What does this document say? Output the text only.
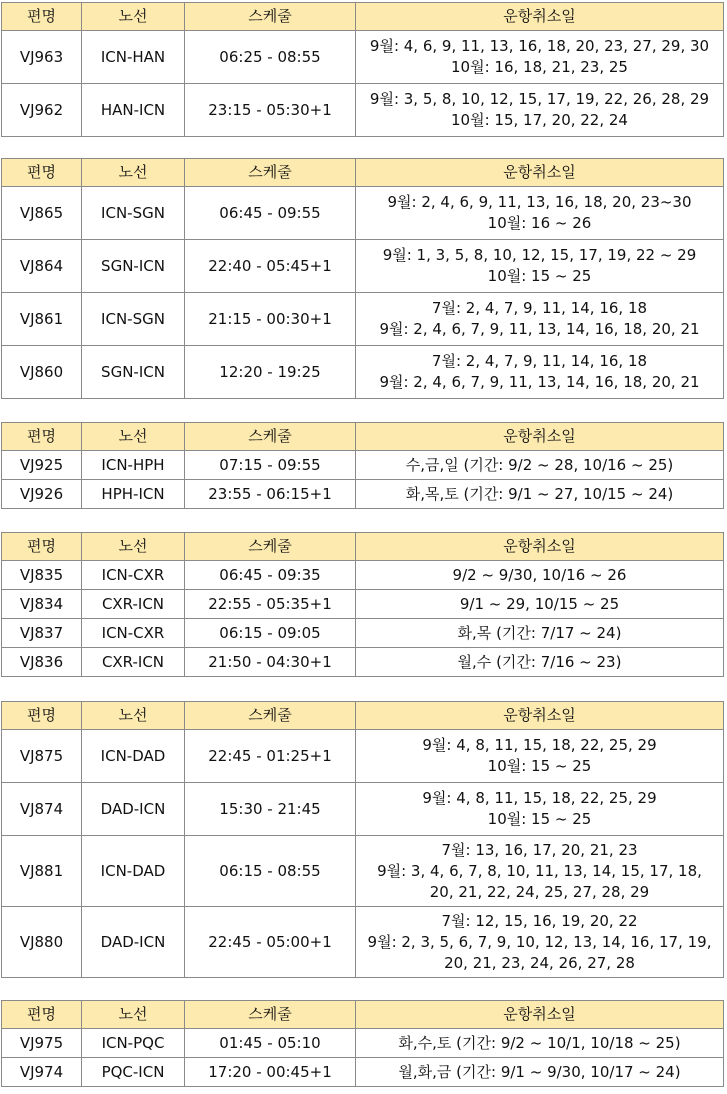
편명	노선	스케줄	운항취소일
VJ963	ICN-HAN	06:25 - 08:55	9월: 4, 6, 9, 11, 13, 16, 18, 20, 23, 27, 29, 30
10월: 16, 18, 21, 23, 25

VJ962	HAN-ICN	23:15 - 05:30+1	9월: 3, 5, 8, 10, 12, 15, 17, 19, 22, 26, 28, 29
10월: 15, 17, 20, 22, 24
편명	노선	스케줄	운항취소일
VJ865	ICN-SGN	06:45 - 09:55	9월: 2, 4, 6, 9, 11, 13, 16, 18, 20, 23~30
10월: 16 ~ 26

VJ864	SGN-ICN	22:40 - 05:45+1	9월: 1, 3, 5, 8, 10, 12, 15, 17, 19, 22 ~ 29
10월: 15 ~ 25

VJ861	ICN-SGN	21:15 - 00:30+1	7월: 2, 4, 7, 9, 11, 14, 16, 18
9월: 2, 4, 6, 7, 9, 11, 13, 14, 16, 18, 20, 21

VJ860	SGN-ICN	12:20 - 19:25	7월: 2, 4, 7, 9, 11, 14, 16, 18
9월: 2, 4, 6, 7, 9, 11, 13, 14, 16, 18, 20, 21
편명	노선	스케줄	운항취소일
VJ925	ICN-HPH	07:15 - 09:55	수,금,일 (기간: 9/2 ~ 28, 10/16 ~ 25)

VJ926	HPH-ICN	23:55 - 06:15+1	화,목,토 (기간: 9/1 ~ 27, 10/15 ~ 24)
편명	노선	스케줄	운항취소일
VJ835	ICN-CXR	06:45 - 09:35	9/2 ~ 9/30, 10/16 ~ 26

VJ834	CXR-ICN	22:55 - 05:35+1	9/1 ~ 29, 10/15 ~ 25

VJ837	ICN-CXR	06:15 - 09:05	화,목 (기간: 7/17 ~ 24)

VJ836	CXR-ICN	21:50 - 04:30+1	월,수 (기간: 7/16 ~ 23)
편명	노선	스케줄	운항취소일
VJ875	ICN-DAD	22:45 - 01:25+1	9월: 4, 8, 11, 15, 18, 22, 25, 29
10월: 15 ~ 25

VJ874	DAD-ICN	15:30 - 21:45	9월: 4, 8, 11, 15, 18, 22, 25, 29
10월: 15 ~ 25

VJ881	ICN-DAD	06:15 - 08:55	7월: 13, 16, 17, 20, 21, 23
9월: 3, 4, 6, 7, 8, 10, 11, 13, 14, 15, 17, 18,
20, 21, 22, 24, 25, 27, 28, 29

VJ880	DAD-ICN	22:45 - 05:00+1	7월: 12, 15, 16, 19, 20, 22
9월: 2, 3, 5, 6, 7, 9, 10, 12, 13, 14, 16, 17, 19,
20, 21, 23, 24, 26, 27, 28
편명	노선	스케줄	운항취소일
VJ975	ICN-PQC	01:45 - 05:10	화,수,토 (기간: 9/2 ~ 10/1, 10/18 ~ 25)

VJ974	PQC-ICN	17:20 - 00:45+1	월,화,금 (기간: 9/1 ~ 9/30, 10/17 ~ 24)
